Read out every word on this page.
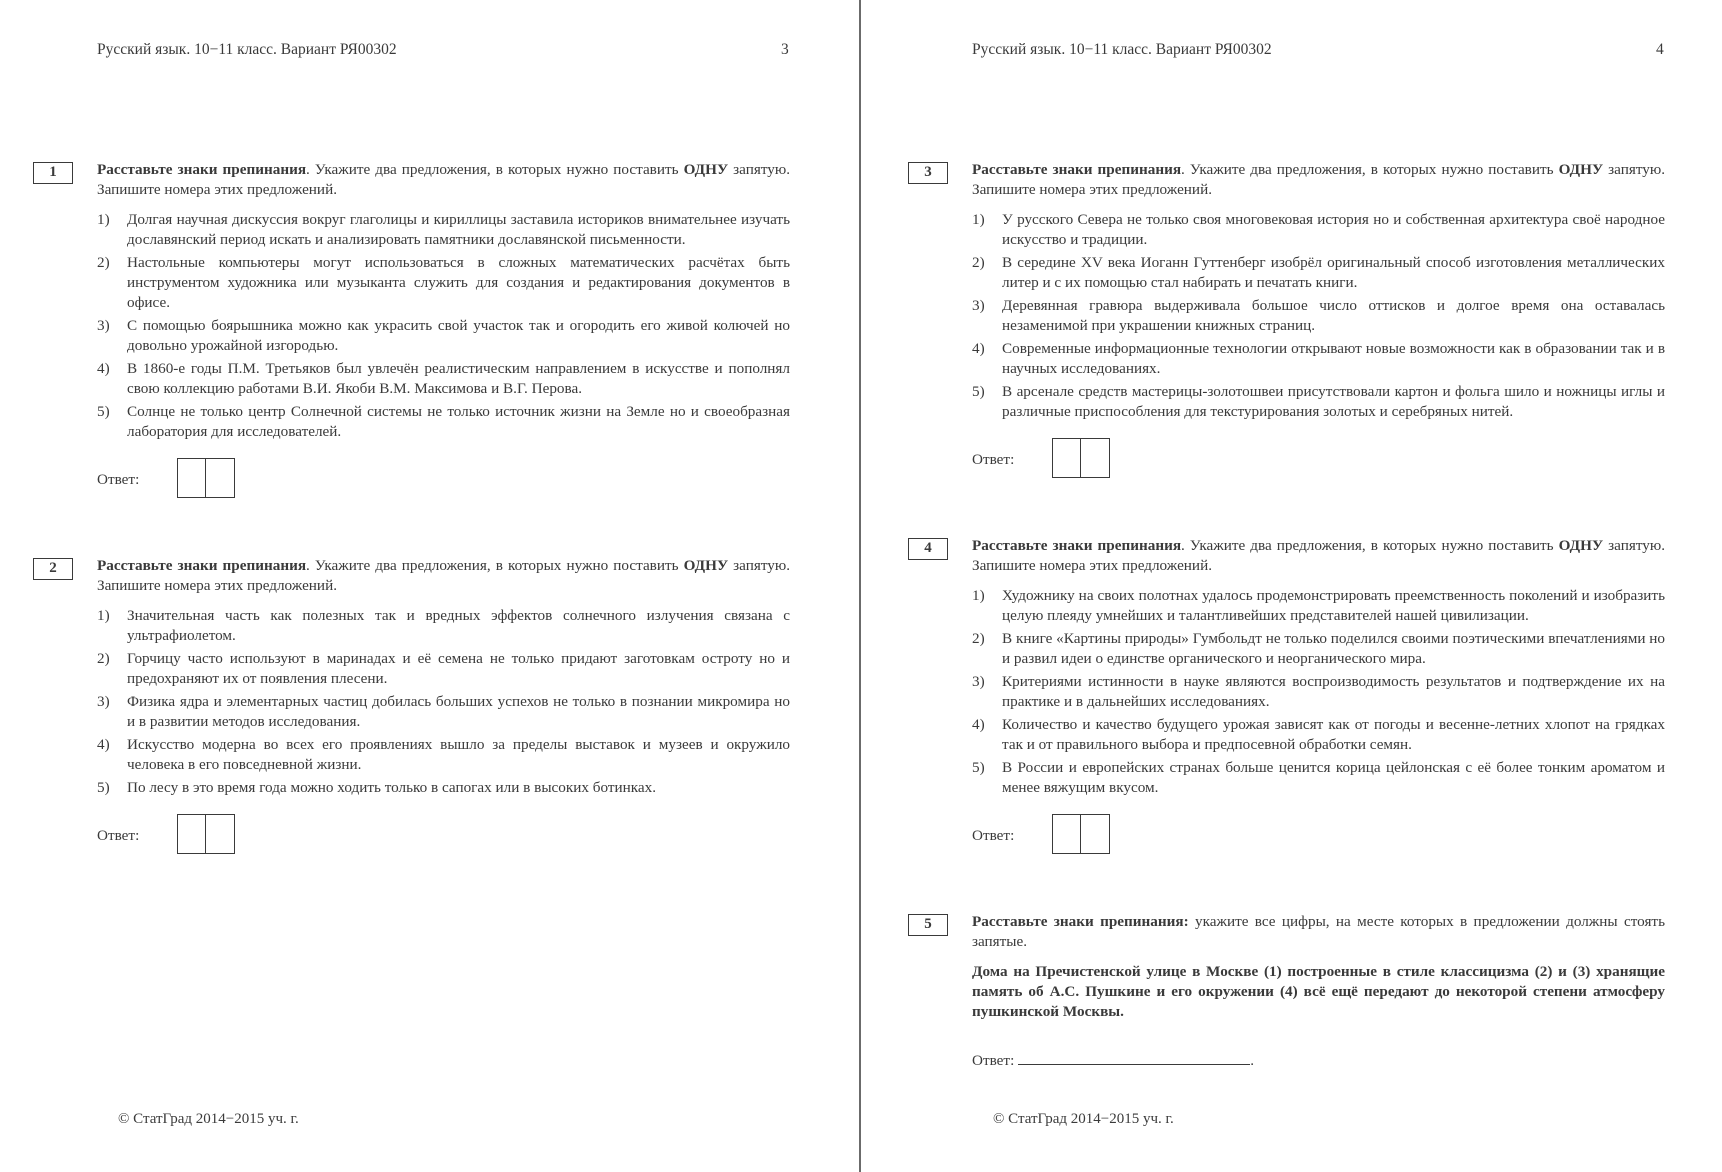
Русский язык. 10−11 класс. Вариант РЯ00302	3
1	Расставьте знаки препинания. Укажите два предложения, в которых нужно поставить ОДНУ запятую. Запишите номера этих предложений.

1) Долгая научная дискуссия вокруг глаголицы и кириллицы заставила историков внимательнее изучать дославянский период искать и анализировать памятники дославянской письменности.
2) Настольные компьютеры могут использоваться в сложных математических расчётах быть инструментом художника или музыканта служить для создания и редактирования документов в офисе.
3) С помощью боярышника можно как украсить свой участок так и огородить его живой колючей но довольно урожайной изгородью.
4) В 1860-е годы П.М. Третьяков был увлечён реалистическим направлением в искусстве и пополнял свою коллекцию работами В.И. Якоби В.М. Максимова и В.Г. Перова.
5) Солнце не только центр Солнечной системы не только источник жизни на Земле но и своеобразная лаборатория для исследователей.
Ответ:
2	Расставьте знаки препинания. Укажите два предложения, в которых нужно поставить ОДНУ запятую. Запишите номера этих предложений.

1) Значительная часть как полезных так и вредных эффектов солнечного излучения связана с ультрафиолетом.
2) Горчицу часто используют в маринадах и её семена не только придают заготовкам остроту но и предохраняют их от появления плесени.
3) Физика ядра и элементарных частиц добилась больших успехов не только в познании микромира но и в развитии методов исследования.
4) Искусство модерна во всех его проявлениях вышло за пределы выставок и музеев и окружило человека в его повседневной жизни.
5) По лесу в это время года можно ходить только в сапогах или в высоких ботинках.
Ответ:
© СтатГрад 2014−2015 уч. г.
Русский язык. 10−11 класс. Вариант РЯ00302	4
3	Расставьте знаки препинания. Укажите два предложения, в которых нужно поставить ОДНУ запятую. Запишите номера этих предложений.

1) У русского Севера не только своя многовековая история но и собственная архитектура своё народное искусство и традиции.
2) В середине XV века Иоганн Гуттенберг изобрёл оригинальный способ изготовления металлических литер и с их помощью стал набирать и печатать книги.
3) Деревянная гравюра выдерживала большое число оттисков и долгое время она оставалась незаменимой при украшении книжных страниц.
4) Современные информационные технологии открывают новые возможности как в образовании так и в научных исследованиях.
5) В арсенале средств мастерицы-золотошвеи присутствовали картон и фольга шило и ножницы иглы и различные приспособления для текстурирования золотых и серебряных нитей.
Ответ:
4	Расставьте знаки препинания. Укажите два предложения, в которых нужно поставить ОДНУ запятую. Запишите номера этих предложений.

1) Художнику на своих полотнах удалось продемонстрировать преемственность поколений и изобразить целую плеяду умнейших и талантливейших представителей нашей цивилизации.
2) В книге «Картины природы» Гумбольдт не только поделился своими поэтическими впечатлениями но и развил идеи о единстве органического и неорганического мира.
3) Критериями истинности в науке являются воспроизводимость результатов и подтверждение их на практике и в дальнейших исследованиях.
4) Количество и качество будущего урожая зависят как от погоды и весенне-летних хлопот на грядках так и от правильного выбора и предпосевной обработки семян.
5) В России и европейских странах больше ценится корица цейлонская с её более тонким ароматом и менее вяжущим вкусом.
Ответ:
5	Расставьте знаки препинания: укажите все цифры, на месте которых в предложении должны стоять запятые.

Дома на Пречистенской улице в Москве (1) построенные в стиле классицизма (2) и (3) хранящие память об А.С. Пушкине и его окружении (4) всё ещё передают до некоторой степени атмосферу пушкинской Москвы.

Ответ:	.
© СтатГрад 2014−2015 уч. г.
